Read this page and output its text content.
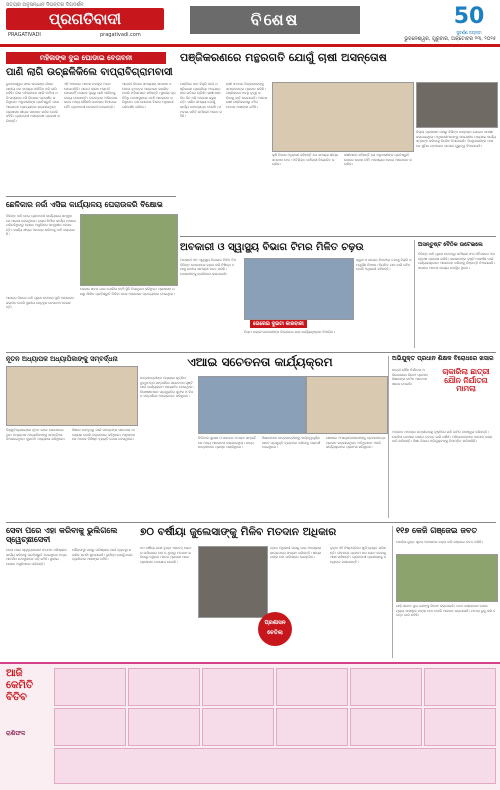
ସତ୍ୟର ଅନୁସନ୍ଧାନ ଦିଗନ୍ତର ଦିଗଦର୍ଶନ
ପ୍ରଗତିବାଦୀ
PRAGATIVADI	pragativadi.com
ବିଶେଷ	50
ସୁବର୍ଣ୍ଣ ଜୟନ୍ତୀ
ଭୁବନେଶ୍ୱର, ଗୁରୁବାର, ଅକ୍ଟୋବର ୨୩, ୨୦୨୫
ମହିଳାଙ୍କ ଦୁଇ ଘୋଡାଇ ବେତାବନୀ
ପାଣି ଲାଗି ଉଚ୍ଛଳିକିଲେ ବାପ୍ରାବିଗ୍ରାମବାସୀ
ଭୁବନେଶ୍ୱର ସହର ଉପକଣ୍ଠ ଗାଁରେ ପାନୀୟ ଜଳ ସମସ୍ୟା ଦୀର୍ଘଦିନ ଧରି ଲାଗି ରହିଛି। ଗାଁର ମହିଳାମାନେ ଖାଲି ମାଠିଆ ଧରି ରାସ୍ତାରେ ବସି ବିକ୍ଷୋଭ ପ୍ରଦର୍ଶନ କରିଥିଲେ। ଅଧିକାରୀଙ୍କ ପ୍ରତିଶ୍ରୁତି ପରେ ଆନ୍ଦୋଳନ ପ୍ରତ୍ୟାହାର କରାଯାଇଥିଲା। ପ୍ରଶାସନ ଶୀଘ୍ର ସମାଧାନ କରିବ ବୋଲି କହିଛି। ଗ୍ରାମବାସୀ ଅସନ୍ତୋଷ ପ୍ରକାଶ କରିଛନ୍ତି।
ଏହି ଅଞ୍ଚଳରେ ଅନେକ ନଳକୂପ ଅଚଳ ହୋଇପଡ଼ିଛି। ପାଇପ ଲାଇନ ମରାମତି ହୋଇନାହିଁ। ଲୋକେ ଦୂରରୁ ପାଣି ଆଣିବାକୁ ବାଧ୍ୟ ହେଉଛନ୍ତି। ବାରମ୍ବାର ଅଭିଯୋଗ କଲେ ମଧ୍ୟ କୌଣସି ପଦକ୍ଷେପ ନିଆଯାଇନାହିଁ। ଗ୍ରାମବାସୀ ଚେତାବନୀ ଦେଇଛନ୍ତି।
ଆଗାମୀ ଦିନରେ ସମସ୍ୟାର ସମାଧାନ ନହେଲେ ବୃହତ୍ତର ଆନ୍ଦୋଳନ କରାଯିବ ବୋଲି ମହିଳାମାନେ କହିଛନ୍ତି। ସ୍ଥାନୀୟ ପ୍ରତିନିଧି ଘଟଣାସ୍ଥଳରେ ପହଞ୍ଚି ଆଲୋଚନା କରିଥିଲେ। ଜଳ ଯୋଗାଣ ବିଭାଗ ଅଧିକାରୀ ପରିଦର୍ଶନ କରିବେ।
ଛେଳିକାର ନର୍ଜା ଏସିଇ କାର୍ଯ୍ୟାଳୟ ଘେରାଉକରି ବିକ୍ଷୋଭ
ବିଭିନ୍ନ ଦାବି ନେଇ ଗ୍ରାମବାସୀ କାର୍ଯ୍ୟାଳୟ ସମ୍ମୁଖରେ ଧାରଣା ଦେଇଥିଲେ। ରାସ୍ତା ନିର୍ମାଣ କାର୍ଯ୍ୟ ଅଧାରେ ପଡ଼ିରହିଥିବାରୁ ଲୋକେ ଅସୁବିଧାର ସମ୍ମୁଖୀନ ହେଉଛନ୍ତି। କାର୍ଯ୍ୟ ଶୀଘ୍ର ଆରମ୍ଭ କରିବାକୁ ଦାବି କରାଯାଇଛି।
ଘେରାଉ ଖବର ପାଇ ପୋଲିସ ପହଞ୍ଚି ସ୍ଥିତି ନିୟନ୍ତ୍ରଣ କରିଥିଲା। ପ୍ରଶାସନ ପକ୍ଷରୁ ଲିଖିତ ପ୍ରତିଶ୍ରୁତି ମିଳିବା ପରେ ଆନ୍ଦୋଳନ ପ୍ରତ୍ୟାହାର ହୋଇଥିଲା।
ଆସନ୍ତା ଦିନରେ ଦାବି ପୂରଣ ନହେଲେ ପୁଣି ଆନ୍ଦୋଳନ କରାଯିବ ବୋଲି ସ୍ଥାନୀୟ ନେତୃବୃନ୍ଦ ଚେତାବନୀ ଦେଇଛନ୍ତି।
ପଞ୍ଜିକରଣରେ ମନ୍ଥରଗତି ଯୋଗୁଁ ଚାଷୀ ଅସନ୍ତୋଷ
ମଣ୍ଡିରେ ଧାନ ବିକ୍ରି ପାଇଁ ପଞ୍ଜିକରଣ ପ୍ରକ୍ରିୟା ଅତ୍ୟନ୍ତ ଧୀର ଗତିରେ ଚାଲିଛି। ଚାଷୀମାନେ ଦିନ ଦିନ ଧରି ଅପେକ୍ଷା କରୁଛନ୍ତି। ସର୍ଭର ସମସ୍ୟା ଯୋଗୁଁ କାର୍ଯ୍ୟ ବାଧାପ୍ରାପ୍ତ ହେଉଛି। ସମବାୟ ସମିତି କର୍ମଚାରୀ ଅଭାବ ରହିଛି।
ଚାଷୀ ସଂଗଠନ ଜିଲ୍ଲାପାଳଙ୍କୁ ସ୍ମାରକପତ୍ର ପ୍ରଦାନ କରିଛି। ପଞ୍ଜିକରଣ ଅବଧି ବୃଦ୍ଧି କରିବାକୁ ଦାବି କରାଯାଇଛି। ଅନେକ ଚାଷୀ ପଞ୍ଜିକରଣରୁ ବଞ୍ଚିତ ହେବାର ଆଶଙ୍କା ରହିଛି।
କୃଷି ବିଭାଗ ଅଧିକାରୀ କହିଛନ୍ତି ଯେ ସମସ୍ୟା ଶୀଘ୍ର ସମାଧାନ ହେବ। ଅତିରିକ୍ତ କର୍ମଚାରୀ ନିୟୋଜିତ କରାଯିବ।
ଚାଷୀମାନେ କହିଛନ୍ତି ଯେ ଅଧିକାରୀଙ୍କ ପ୍ରତିଶ୍ରୁତି ଉପରେ ଭରସା ନାହିଁ। ଆବଶ୍ୟକ ହେଲେ ଆନ୍ଦୋଳନ କରାଯିବ।
ଜିଲ୍ଲା ପ୍ରଶାସନ ପକ୍ଷରୁ ବିଭିନ୍ନ ଉନ୍ନୟନ ଯୋଜନା ସମୀକ୍ଷା କରାଯାଇଥିଲା। ଅଧିକାରୀମାନଙ୍କୁ ସମୟସୀମା ମଧ୍ୟରେ କାର୍ଯ୍ୟ ସମ୍ପନ୍ନ କରିବାକୁ ନିର୍ଦ୍ଦେଶ ଦିଆଯାଇଛି। ହିତାଧିକାରୀଙ୍କ ପାଖରେ ସୁବିଧା ପହଞ୍ଚାଇବା ଉପରେ ଗୁରୁତ୍ୱ ଦିଆଯାଇଛି।
ଅବକାରୀ ଓ ସ୍ୱାସ୍ଥ୍ୟ ବିଭାଗ ଟିମର ମିଳିତ ଚଢ଼ଉ
ଅବକାରୀ ଏବଂ ସ୍ୱାସ୍ଥ୍ୟ ବିଭାଗର ମିଳିତ ଟିମ ବିଭିନ୍ନ ଦୋକାନରେ ଚଢ଼ଉ କରି ନିଷିଦ୍ଧ ତମାଖୁ ଜାତୀୟ ସାମଗ୍ରୀ ଜବତ କରିଛି। ଦୋକାନୀଙ୍କୁ ଜୋରିମାନା କରାଯାଇଛି।
ତୋରେଇ ଦୁଇଟା କାରବାରୀ
ନିୟମ ଉଲ୍ଲଂଘନକାରୀଙ୍କ ବିରୋଧରେ କଡ଼ା କାର୍ଯ୍ୟାନୁଷ୍ଠାନ ନିଆଯିବ।
ସ୍କୁଲ ଓ କଲେଜ ନିକଟରେ ତମାଖୁ ବିକ୍ରି ସମ୍ପୂର୍ଣ୍ଣ ନିଷେଧ। ନିୟମିତ ଯାଞ୍ଚ ଜାରି ରହିବ ବୋଲି ଅଧିକାରୀ କହିଛନ୍ତି।
ଅସନ୍ତୁଷ୍ଟ ବୈଠିକ ଉଟେଇଲେ
ବିଭିନ୍ନ ଦାବି ପୂରଣ ନହେବାରୁ କର୍ମଚାରୀ ସଂଘ ବୈଠକରେ ଅସନ୍ତୋଷ ପ୍ରକାଶ କରିଛି। ସରକାରଙ୍କ ଦୃଷ୍ଟି ଆକର୍ଷଣ ପାଇଁ ପର୍ଯ୍ୟାୟକ୍ରମେ ଆନ୍ଦୋଳନ କରିବାକୁ ନିଷ୍ପତ୍ତି ନିଆଯାଇଛି। ସଭାରେ ଅନେକ ସଦସ୍ୟ ଉପସ୍ଥିତ ଥିଲେ।
ନୂତନ ଅଧ୍ୟାପକ ଅଧ୍ୟାପିକାଙ୍କୁ ସମ୍ବର୍ଦ୍ଧନା
ବିଶ୍ୱବିଦ୍ୟାଳୟରେ ନୂତନ ଭାବେ ଯୋଗଦେଇଥିବା ଅଧ୍ୟାପକ ଅଧ୍ୟାପିକାଙ୍କୁ ସମ୍ବର୍ଦ୍ଧନା ଦିଆଯାଇଥିଲା। କୁଳପତି ଅଧ୍ୟକ୍ଷତା କରିଥିଲେ।
ଶିକ୍ଷାର ମାନବୃଦ୍ଧି ପାଇଁ ସମସ୍ତଙ୍କ ସହଯୋଗ ଆବଶ୍ୟକ ବୋଲି ବକ୍ତାମାନେ କହିଥିଲେ। ଅନୁଷ୍ଠାନରେ ଅନେକ ବିଶିଷ୍ଟ ବ୍ୟକ୍ତି ଯୋଗ ଦେଇଥିଲେ।
ଏଆଇ ସଚେତନତା କାର୍ଯ୍ୟକ୍ରମ
ଛାତ୍ରଛାତ୍ରୀଙ୍କ ମଧ୍ୟରେ କୃତ୍ରିମ ବୁଦ୍ଧିମତ୍ତା ସମ୍ପର୍କରେ ସଚେତନତା ସୃଷ୍ଟି ପାଇଁ କାର୍ଯ୍ୟକ୍ରମ ଆୟୋଜିତ ହୋଇଥିଲା। ବିଶେଷଜ୍ଞମାନେ ପ୍ରଯୁକ୍ତିର ସୁଫଳ ଓ ବିପଦ ସମ୍ପର୍କରେ ଆଲୋକପାତ କରିଥିଲେ।
ଡିଜିଟାଲ ସୁରକ୍ଷା ଓ ସାଇବର ଅପରାଧ ସମ୍ପର୍କରେ ମଧ୍ୟ ଆଲୋଚନା କରାଯାଇଥିଲା। ଛାତ୍ରଛାତ୍ରୀମାନେ ପ୍ରଶ୍ନ ପଚାରିଥିଲେ।
ଶିକ୍ଷକମାନେ ଛାତ୍ରଛାତ୍ରୀଙ୍କୁ ଦାୟିତ୍ୱପୂର୍ଣ୍ଣ ଭାବେ ପ୍ରଯୁକ୍ତି ବ୍ୟବହାର କରିବାକୁ ପରାମର୍ଶ ଦେଇଥିଲେ।
ଶେଷରେ ଅଂଶଗ୍ରହଣକାରୀଙ୍କୁ ପ୍ରମାଣପତ୍ର ପ୍ରଦାନ କରାଯାଇଥିଲା। ଅତିଥିମାନେ ଏପରି କାର୍ଯ୍ୟକ୍ରମର ପ୍ରଶଂସା କରିଥିଲେ।
ଅଭିଯୁକ୍ତ ପ୍ରଧାନ ଶିକ୍ଷକ ବିରୋଧରେ ଖସାର
ଛାତ୍ରୀ ଯୌନ ନିର୍ଯାତନା ଅଭିଯୋଗରେ ଗିରଫ ପ୍ରଧାନ ଶିକ୍ଷକଙ୍କ ଜାମିନ ଆବେଦନ ଖାରଜ ହୋଇଛି।
ଚାକାରିଲା ଛାତ୍ରୀ ଯୌନ ନିର୍ଯାତନା ମାମଲା
ଅଦାଲତ ମାମଲାର ଗମ୍ଭୀରତାକୁ ଦୃଷ୍ଟିରେ ରଖି ଜାମିନ ନାମଞ୍ଜୁର କରିଛନ୍ତି। ପୋଲିସ ଘଟଣାର ଗଭୀର ତଦନ୍ତ ଜାରି ରଖିଛି। ଅଭିଭାବକମାନେ କଠୋର ଦଣ୍ଡ ଦାବି କରିଛନ୍ତି। ଶିକ୍ଷା ବିଭାଗ ଅଭିଯୁକ୍ତଙ୍କୁ ନିଲମ୍ବିତ କରିସାରିଛି।
ସେବା ପରେ ଏହା କରିବାକୁ ଭୁଲିଗଲେ ସ୍ୱେଚ୍ଛାସେବୀ
ମେଳା ପରେ ସ୍ୱେଚ୍ଛାସେବୀ ସଂଗଠନ ପରିଷ୍କାର କାର୍ଯ୍ୟ କରିବାକୁ ପ୍ରତିଶ୍ରୁତି ଦେଇଥିଲେ ମଧ୍ୟ ଆବର୍ଜନା ଯଥାସ୍ଥାନରେ ପଡ଼ି ରହିଛି। ସ୍ଥାନୀୟ ଲୋକେ ଅସୁବିଧାରେ ପଡ଼ିଛନ୍ତି।
ପୌରସଂସ୍ଥା ପକ୍ଷରୁ ପରିଷ୍କାର ପାଇଁ ବ୍ୟବସ୍ଥା କରାଯିବ ବୋଲି କୁହାଯାଇଛି। ଦୁର୍ଗନ୍ଧ ଯୋଗୁଁ ରୋଗ ବ୍ୟାପିବାର ଆଶଙ୍କା ରହିଛି।
୭୦ ବର୍ଷୀୟା ଜୁଲେସାଙ୍କୁ ମିଳିବ ମତଦାନ ଅଧିକାର
୭୦ ବର୍ଷୀୟା ଜଣେ ବୃଦ୍ଧା ଏଯାବତ୍ ଭୋଟର ତାଲିକାରେ ନାମ ନ ଥିବାରୁ ମତଦାନ କରିପାରୁ ନଥିଲେ। ଖବର ପ୍ରକାଶ ପରେ ପ୍ରଶାସନ ପଦକ୍ଷେପ ନେଇଛି।
ପ୍ରଶାସନ ଚେତିଲା
ବ୍ଲକ ଅଧିକାରୀ ଘରକୁ ଯାଇ ଆବଶ୍ୟକ କାଗଜପତ୍ର ସଂଗ୍ରହ କରିଛନ୍ତି। ଶୀଘ୍ର ତାଙ୍କ ନାମ ତାଲିକାରେ ଯୋଡ଼ାଯିବ।
ବୃଦ୍ଧା ଏହି ନିଷ୍ପତ୍ତିରେ ଖୁସି ବ୍ୟକ୍ତ କରିଛନ୍ତି। ଜୀବନରେ ପ୍ରଥମ ଥର ଭୋଟ ଦେବାକୁ ଆଶା ରଖିଛନ୍ତି। ଗ୍ରାମବାସୀ ପ୍ରଶାସନକୁ ଧନ୍ୟବାଦ ଜଣାଇଛନ୍ତି।
୧୧୭ କେଜି ଗଞ୍ଜେଇ ଜବତ
ପୋଲିସ ଗୁପ୍ତ ସୂଚନା ଆଧାରରେ ଚଢ଼ଉ କରି ଗଞ୍ଜେଇ ଜବତ କରିଛି।
ଗାଡ଼ି ସମେତ ଦୁଇ ଜଣଙ୍କୁ ଗିରଫ କରାଯାଇଛି। ଜବତ ଗଞ୍ଜେଇର ବଜାର ମୂଲ୍ୟ ଲକ୍ଷାଧିକ ଟଙ୍କା ହେବ ବୋଲି ଆକଳନ କରାଯାଉଛି। ମାମଲା ରୁଜୁ କରି ତଦନ୍ତ ଜାରି ରହିଛି।
ଆଜି କେମିତି ବିତିବ
ରାଶିଫଳ
